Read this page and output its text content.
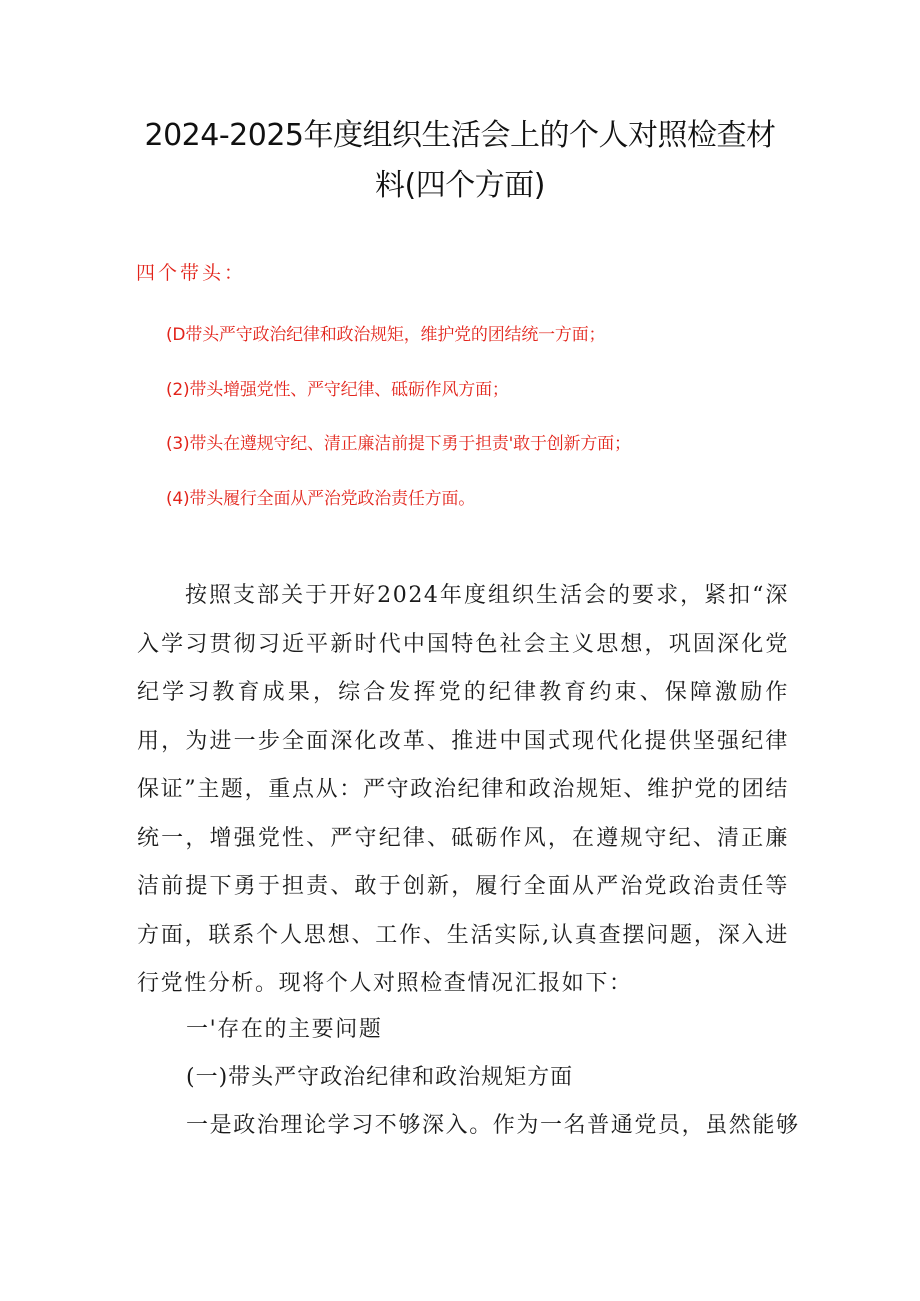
2024-2025年度组织生活会上的个人对照检查材
料(四个方面)
四个带头：
(D带头严守政治纪律和政治规矩，维护党的团结统一方面；
(2)带头增强党性、严守纪律、砥砺作风方面；
(3)带头在遵规守纪、清正廉洁前提下勇于担责'敢于创新方面；
(4)带头履行全面从严治党政治责任方面。
按照支部关于开好2024年度组织生活会的要求，紧扣“深入学习贯彻习近平新时代中国特色社会主义思想，巩固深化党纪学习教育成果，综合发挥党的纪律教育约束、保障激励作用，为进一步全面深化改革、推进中国式现代化提供坚强纪律保证”主题，重点从：严守政治纪律和政治规矩、维护党的团结统一，增强党性、严守纪律、砥砺作风，在遵规守纪、清正廉洁前提下勇于担责、敢于创新，履行全面从严治党政治责任等方面，联系个人思想、工作、生活实际,认真查摆问题，深入进行党性分析。现将个人对照检查情况汇报如下：
一'存在的主要问题
(一)带头严守政治纪律和政治规矩方面
一是政治理论学习不够深入。作为一名普通党员，虽然能够
